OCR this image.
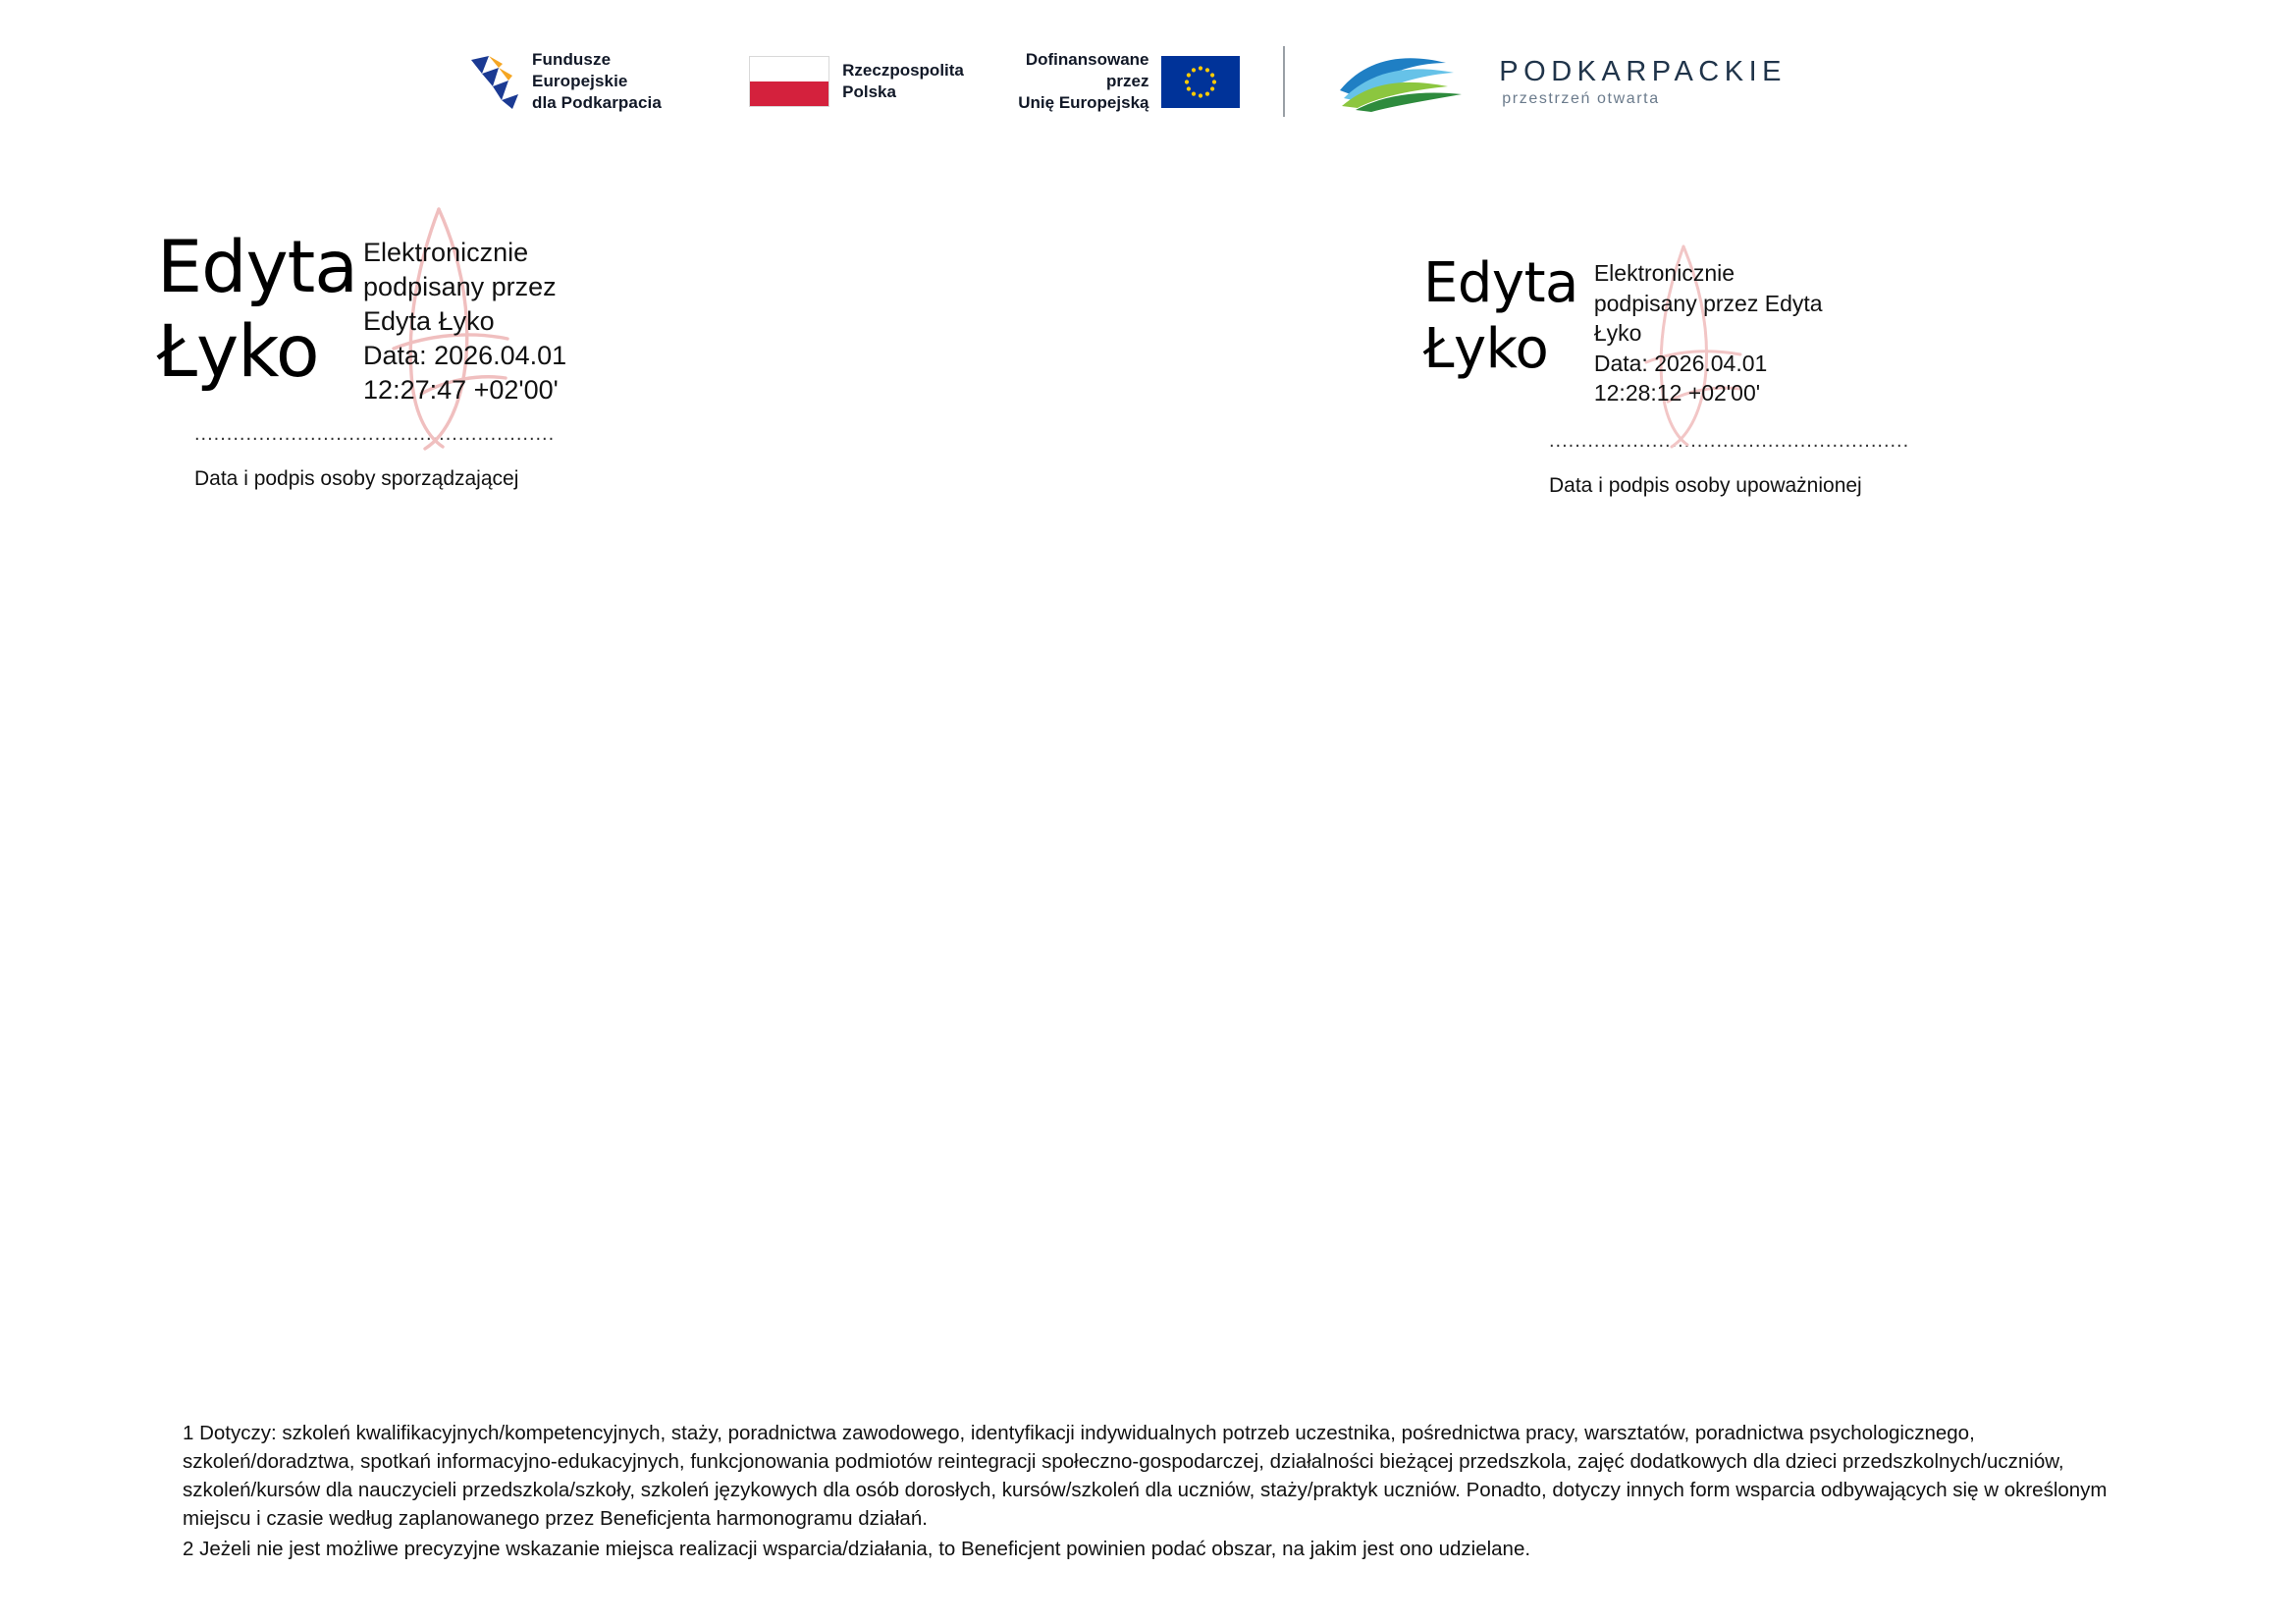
Fundusze Europejskie
dla Podkarpacia
Rzeczpospolita
Polska
Dofinansowane przez
Unię Europejską
PODKARPACKIE
przestrzeń otwarta
Edyta
Łyko
Elektronicznie
podpisany przez
Edyta Łyko
Data: 2026.04.01
12:27:47 +02'00'
........................................................
Data i podpis osoby sporządzającej
Edyta
Łyko
Elektronicznie
podpisany przez Edyta
Łyko
Data: 2026.04.01
12:28:12 +02'00'
........................................................
Data i podpis osoby upoważnionej

1 Dotyczy: szkoleń kwalifikacyjnych/kompetencyjnych, staży, poradnictwa zawodowego, identyfikacji indywidualnych potrzeb uczestnika, pośrednictwa pracy, warsztatów, poradnictwa psychologicznego, szkoleń/doradztwa, spotkań informacyjno-edukacyjnych, funkcjonowania podmiotów reintegracji społeczno-gospodarczej, działalności bieżącej przedszkola, zajęć dodatkowych dla dzieci przedszkolnych/uczniów, szkoleń/kursów dla nauczycieli przedszkola/szkoły, szkoleń językowych dla osób dorosłych, kursów/szkoleń dla uczniów, staży/praktyk uczniów. Ponadto, dotyczy innych form wsparcia odbywających się w określonym miejscu i czasie według zaplanowanego przez Beneficjenta harmonogramu działań.

2 Jeżeli nie jest możliwe precyzyjne wskazanie miejsca realizacji wsparcia/działania, to Beneficjent powinien podać obszar, na jakim jest ono udzielane.
